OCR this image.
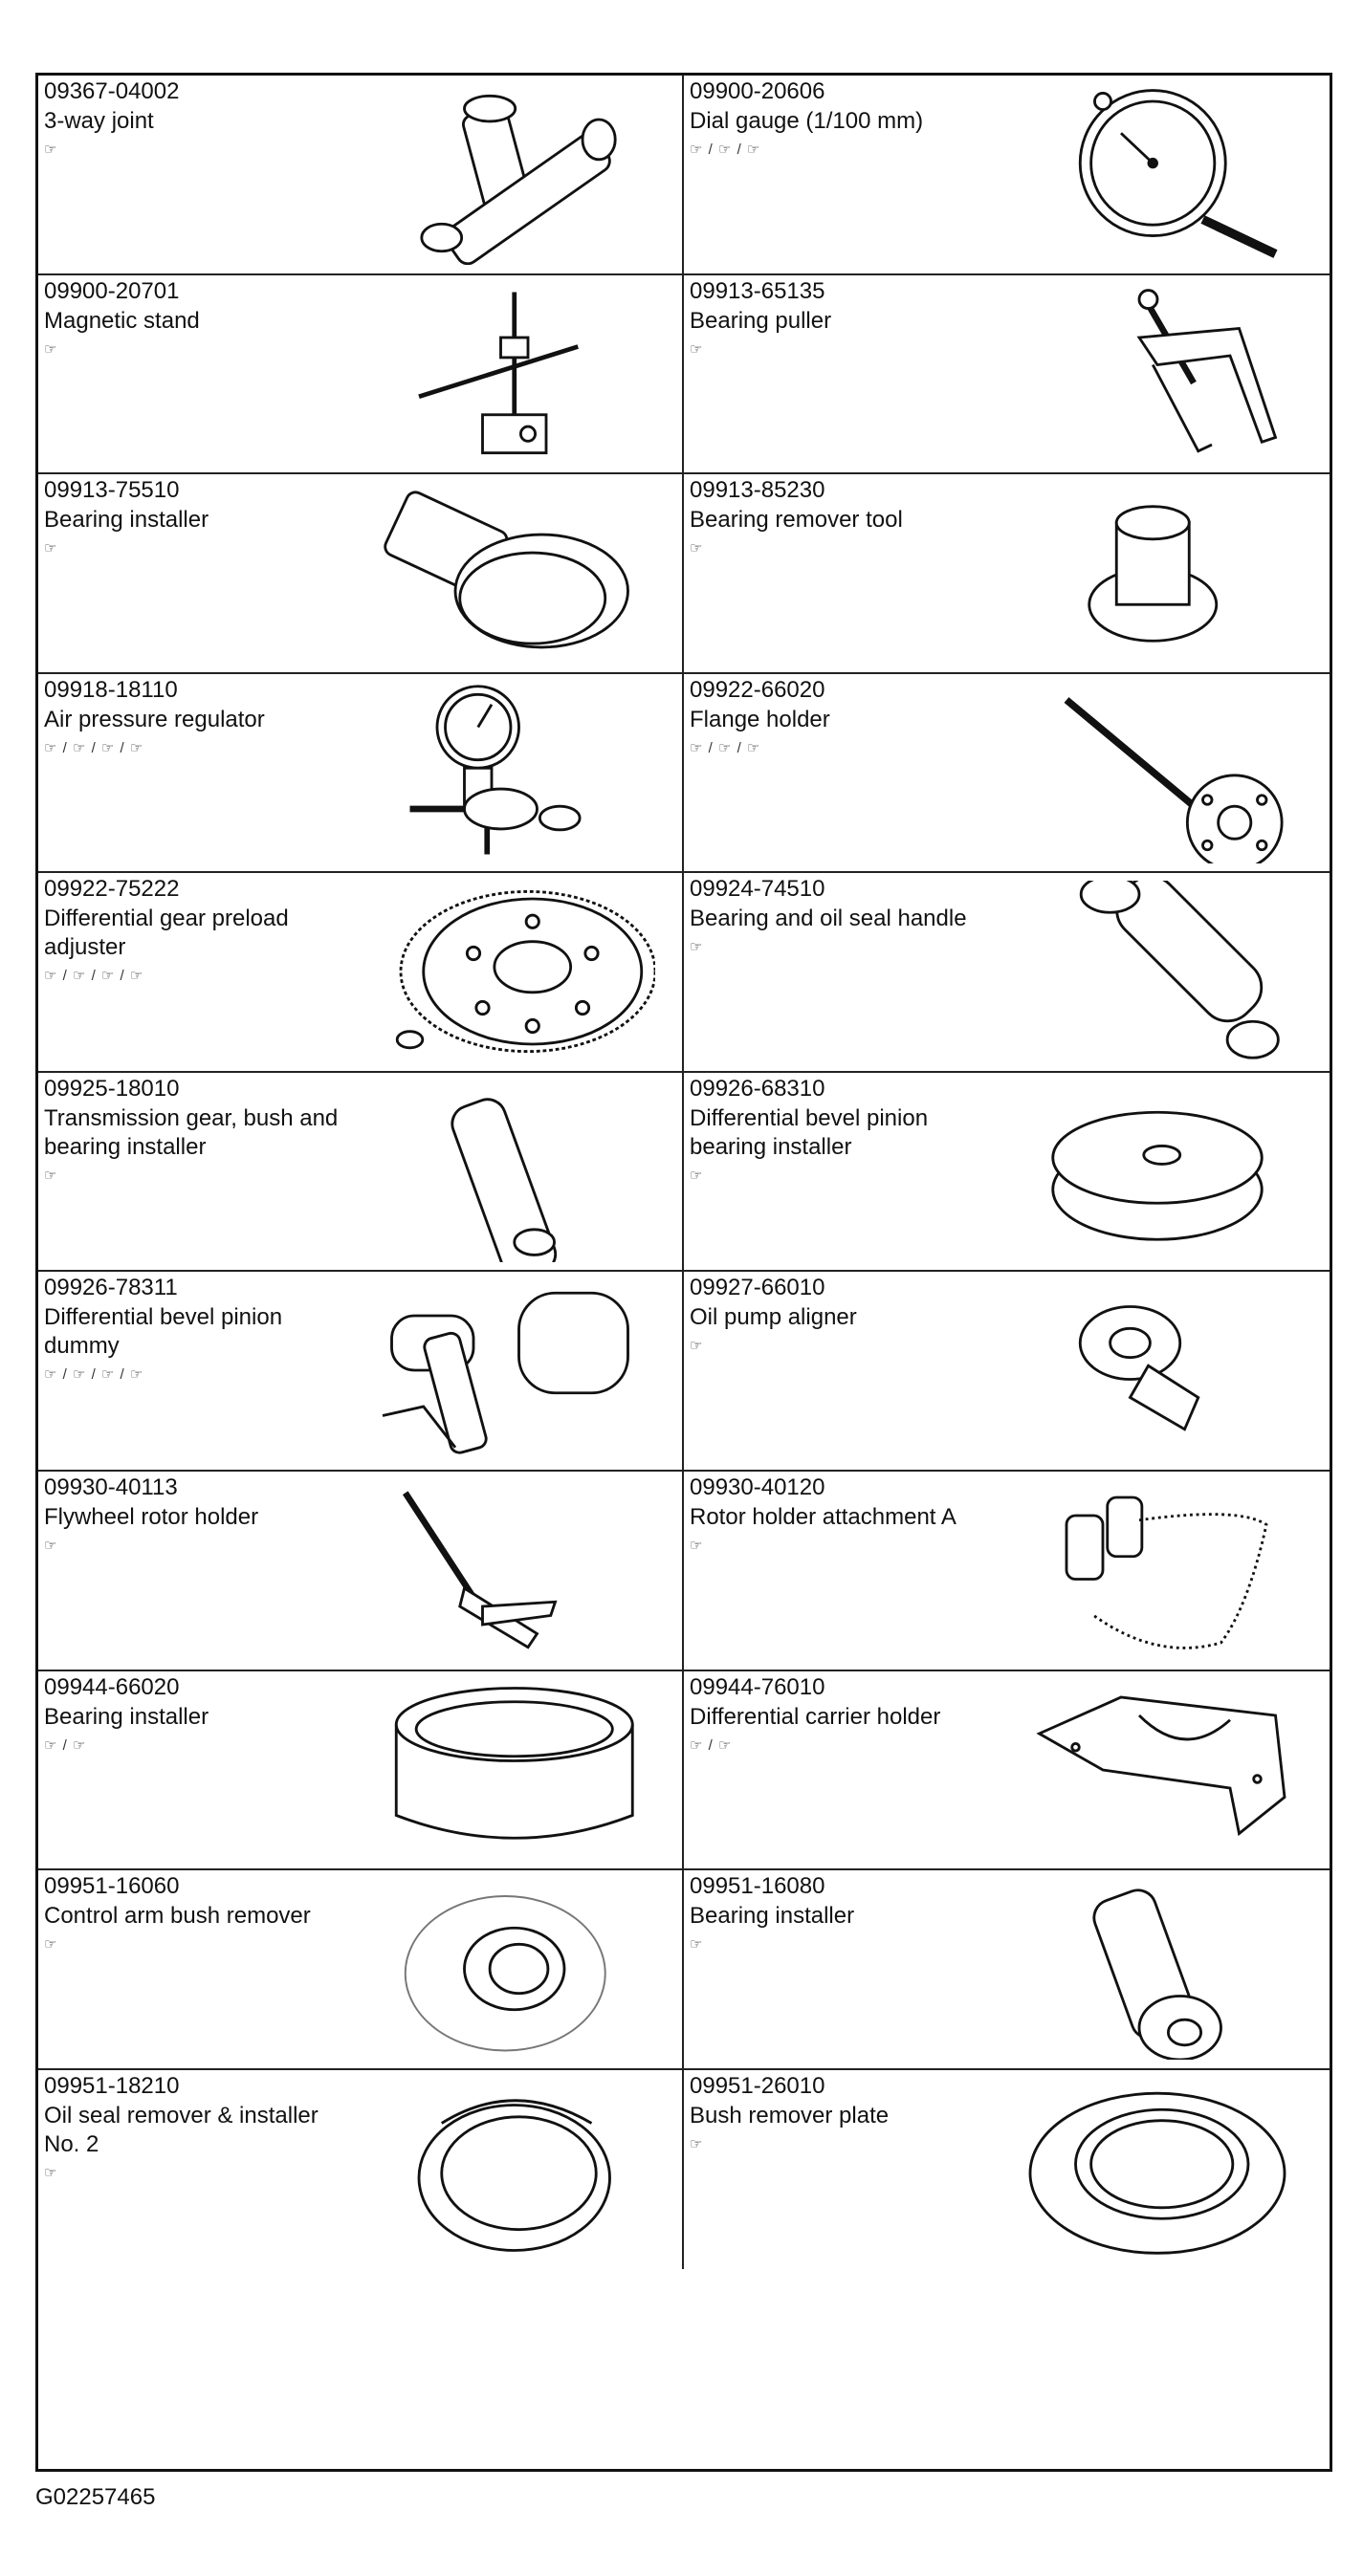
09367-04002
3-way joint
☞
09900-20606
Dial gauge (1/100 mm)
☞ / ☞ / ☞
09900-20701
Magnetic stand
☞
09913-65135
Bearing puller
☞
09913-75510
Bearing installer
☞
09913-85230
Bearing remover tool
☞
09918-18110
Air pressure regulator
☞ / ☞ / ☞ / ☞
09922-66020
Flange holder
☞ / ☞ / ☞
09922-75222
Differential gear preload
adjuster
☞ / ☞ / ☞ / ☞
09924-74510
Bearing and oil seal handle
☞
09925-18010
Transmission gear, bush and
bearing installer
☞
09926-68310
Differential bevel pinion
bearing installer
☞
09926-78311
Differential bevel pinion
dummy
☞ / ☞ / ☞ / ☞
09927-66010
Oil pump aligner
☞
09930-40113
Flywheel rotor holder
☞
09930-40120
Rotor holder attachment A
☞
09944-66020
Bearing installer
☞ / ☞
09944-76010
Differential carrier holder
☞ / ☞
09951-16060
Control arm bush remover
☞
09951-16080
Bearing installer
☞
09951-18210
Oil seal remover & installer
No. 2
☞
09951-26010
Bush remover plate
☞
G02257465
